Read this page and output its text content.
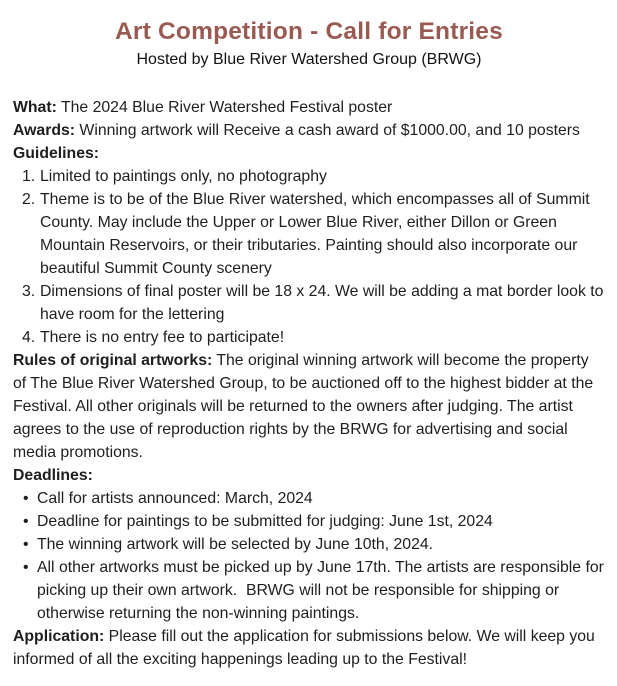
Art Competition - Call for Entries

Hosted by Blue River Watershed Group (BRWG)

What: The 2024 Blue River Watershed Festival poster

Awards: Winning artwork will Receive a cash award of $1000.00, and 10 posters

Guidelines:

1. Limited to paintings only, no photography
2. Theme is to be of the Blue River watershed, which encompasses all of Summit County. May include the Upper or Lower Blue River, either Dillon or Green Mountain Reservoirs, or their tributaries. Painting should also incorporate our beautiful Summit County scenery
3. Dimensions of final poster will be 18 x 24. We will be adding a mat border look to have room for the lettering
4. There is no entry fee to participate!

Rules of original artworks: The original winning artwork will become the property of The Blue River Watershed Group, to be auctioned off to the highest bidder at the Festival. All other originals will be returned to the owners after judging. The artist agrees to the use of reproduction rights by the BRWG for advertising and social media promotions.

Deadlines:

• Call for artists announced: March, 2024
• Deadline for paintings to be submitted for judging: June 1st, 2024
• The winning artwork will be selected by June 10th, 2024.
• All other artworks must be picked up by June 17th. The artists are responsible for picking up their own artwork.  BRWG will not be responsible for shipping or otherwise returning the non-winning paintings.

Application: Please fill out the application for submissions below. We will keep you informed of all the exciting happenings leading up to the Festival!
